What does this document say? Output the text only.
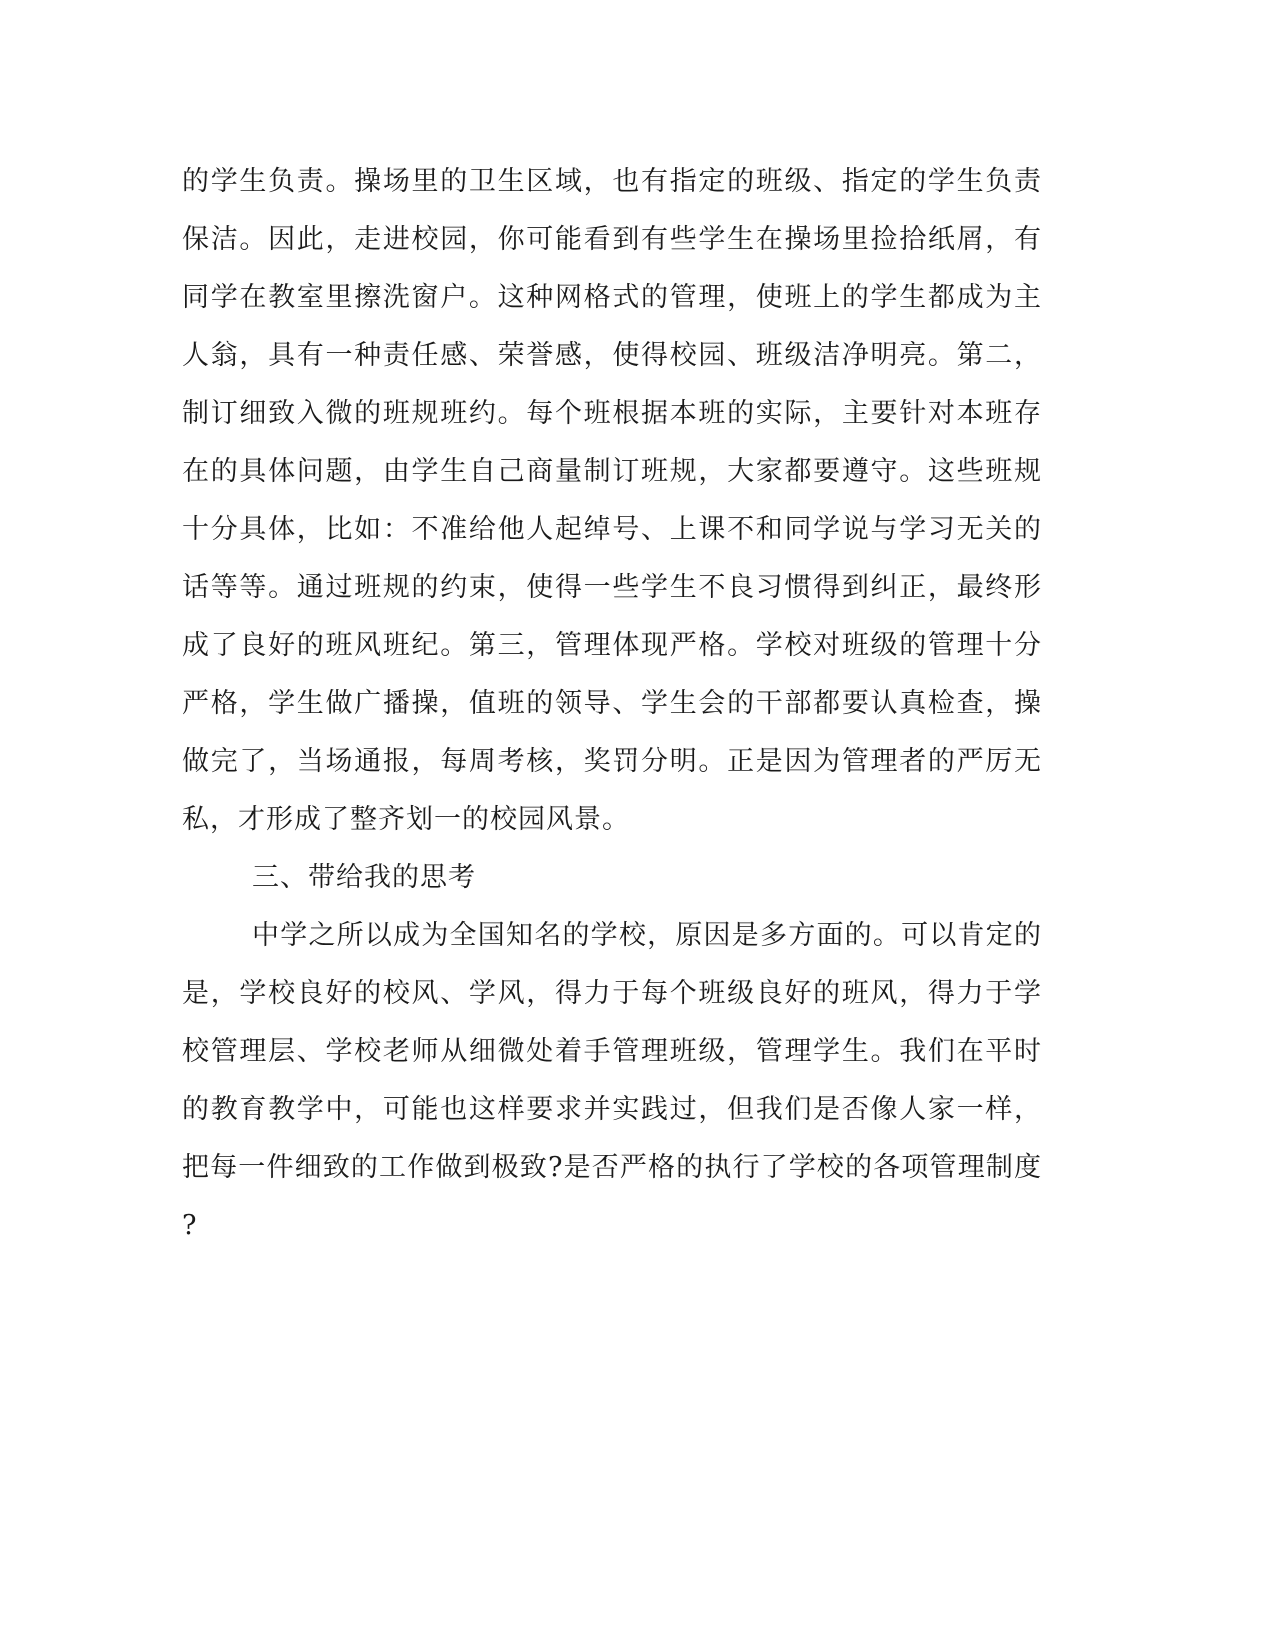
的学生负责。操场里的卫生区域，也有指定的班级、指定的学生负责
保洁。因此，走进校园，你可能看到有些学生在操场里捡拾纸屑，有
同学在教室里擦洗窗户。这种网格式的管理，使班上的学生都成为主
人翁，具有一种责任感、荣誉感，使得校园、班级洁净明亮。第二，
制订细致入微的班规班约。每个班根据本班的实际，主要针对本班存
在的具体问题，由学生自己商量制订班规，大家都要遵守。这些班规
十分具体，比如：不准给他人起绰号、上课不和同学说与学习无关的
话等等。通过班规的约束，使得一些学生不良习惯得到纠正，最终形
成了良好的班风班纪。第三，管理体现严格。学校对班级的管理十分
严格，学生做广播操，值班的领导、学生会的干部都要认真检查，操
做完了，当场通报，每周考核，奖罚分明。正是因为管理者的严厉无
私，才形成了整齐划一的校园风景。
三、带给我的思考
中学之所以成为全国知名的学校，原因是多方面的。可以肯定的
是，学校良好的校风、学风，得力于每个班级良好的班风，得力于学
校管理层、学校老师从细微处着手管理班级，管理学生。我们在平时
的教育教学中，可能也这样要求并实践过，但我们是否像人家一样，
把每一件细致的工作做到极致?是否严格的执行了学校的各项管理制度
?
